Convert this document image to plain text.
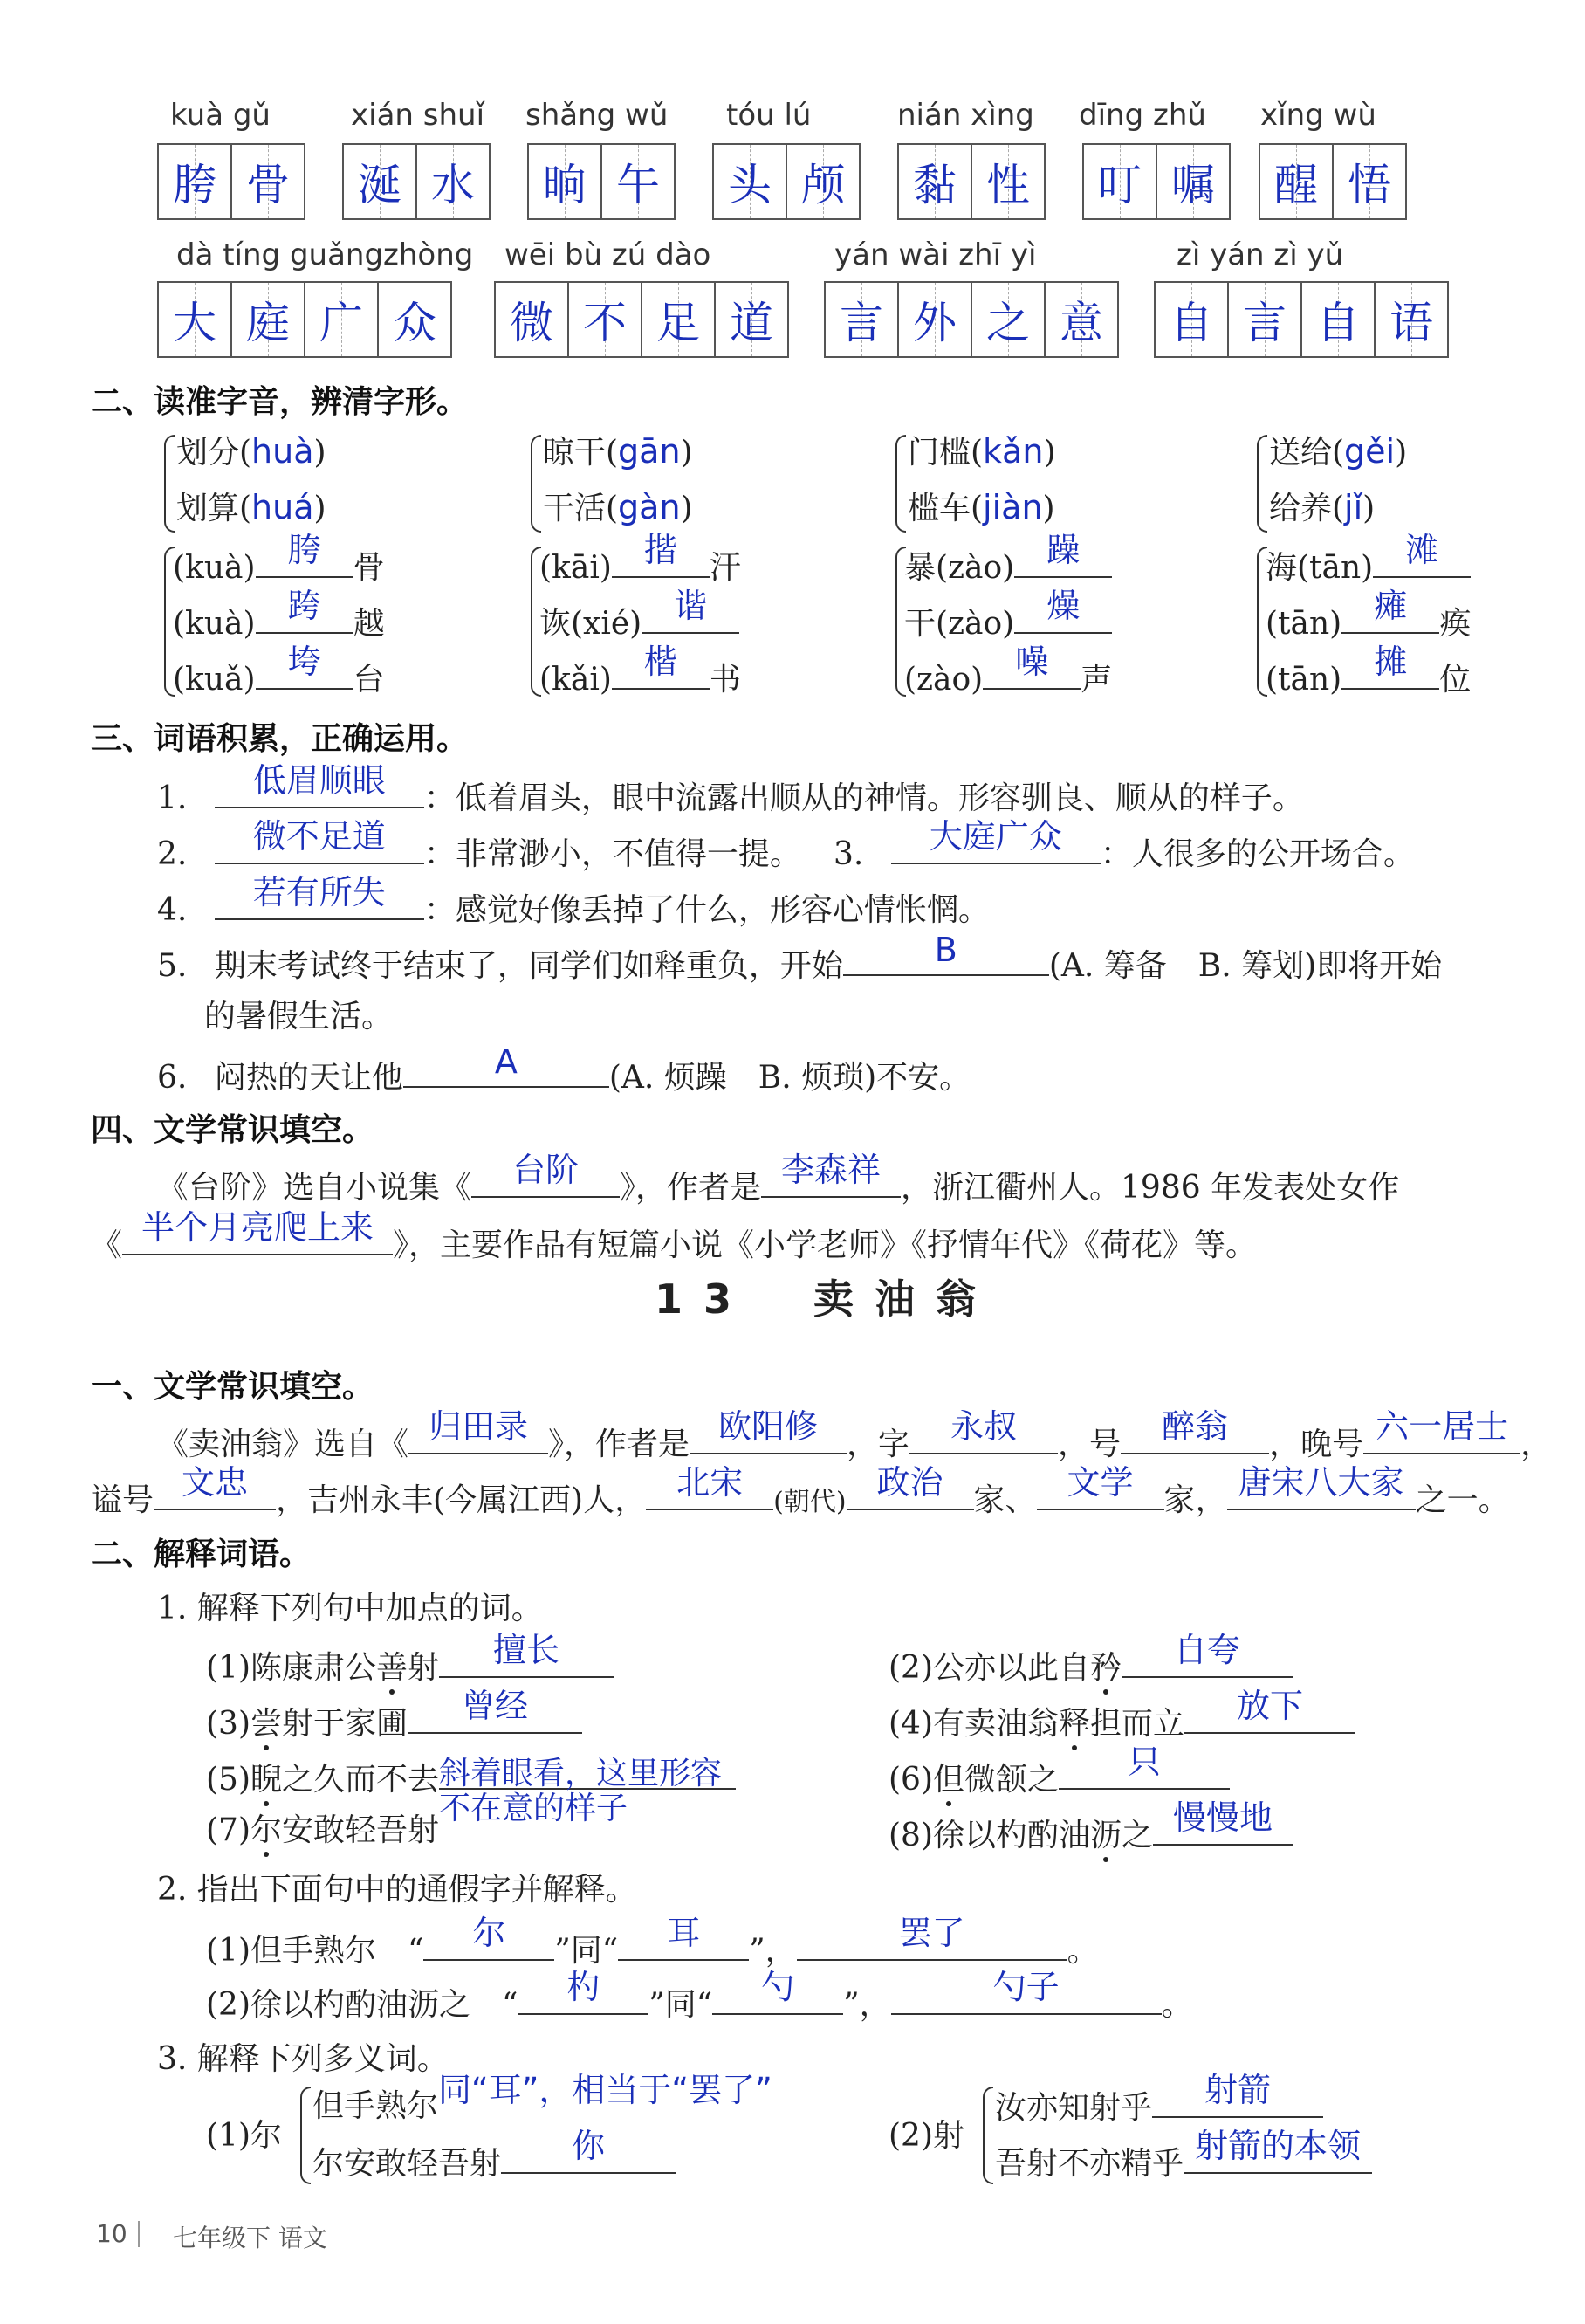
kuà gǔ
胯 骨
xián shuǐ
涎 水
shǎng wǔ
晌 午
tóu lú
头 颅
nián xìng
黏 性
dīng zhǔ
叮 嘱
xǐng wù
醒 悟
dà tíng guǎngzhòng
大 庭 广 众
wēi bù zú dào
微 不 足 道
yán wài zhī yì
言 外 之 意
zì yán zì yǔ
自 言 自 语
二、读准字音，辨清字形。
划分(huà)
划算(huá)
晾干(gān)
干活(gàn)
门槛(kǎn)
槛车(jiàn)
送给(gěi)
给养(jǐ)
(kuà) 胯	骨
(kuà) 跨	越
(kuǎ) 垮	台
(kāi) 揩	汗
诙(xié) 谐
(kǎi) 楷	书
暴(zào) 躁
干(zào) 燥
(zào) 噪	声
海(tān) 滩
(tān) 瘫	痪
(tān) 摊	位
三、词语积累，正确运用。
1.	低眉顺眼	：低着眉头，眼中流露出顺从的神情。形容驯良、顺从的样子。
2.	微不足道	：非常渺小，不值得一提。 3.	大庭广众	：人很多的公开场合。
4.	若有所失	：感觉好像丢掉了什么，形容心情怅惘。
5. 期末考试终于结束了，同学们如释重负，开始	B	(A. 筹备　B. 筹划)即将开始
的暑假生活。
6. 闷热的天让他	A	(A. 烦躁　B. 烦琐)不安。
四、文学常识填空。
《台阶》选自小说集《	台阶	》，作者是 李森祥 ，浙江衢州人。1986 年发表处女作
《 半个月亮爬上来 》，主要作品有短篇小说《小学老师》《抒情年代》《荷花》等。
13　卖油翁
一、文学常识填空。
《卖油翁》选自《 归田录 》，作者是 欧阳修 ，字	永叔	，号	醉翁	，晚号 六一居士 ，
谥号 文忠 ，吉州永丰(今属江西)人， 北宋
(朝代)
政治 家、 文学 家， 唐宋八大家 之一。
二、解释词语。
1. 解释下列句中加点的词。
(1)陈康肃公善射	擅长
(3)尝射于家圃	曾经
(5)睨之久而不去 斜着眼看，这里形容不在意的样子
(7)尔安敢轻吾射
(2)公亦以此自矜	自夸
(4)有卖油翁释担而立	放下
(6)但微颔之	只
(8)徐以杓酌油沥之 慢慢地
2. 指出下面句中的通假字并解释。
(1)但手熟尔 “	尔	”同“	耳	”，	罢了	。
(2)徐以杓酌油沥之 “	杓	”同“	勺	”，	勺子	。
3. 解释下列多义词。
(1)尔
但手熟尔 同“耳”，相当于“罢了”
尔安敢轻吾射	你	(2)射
汝亦知射乎	射箭
吾射不亦精乎 射箭的本领
10 七年级下 语文
